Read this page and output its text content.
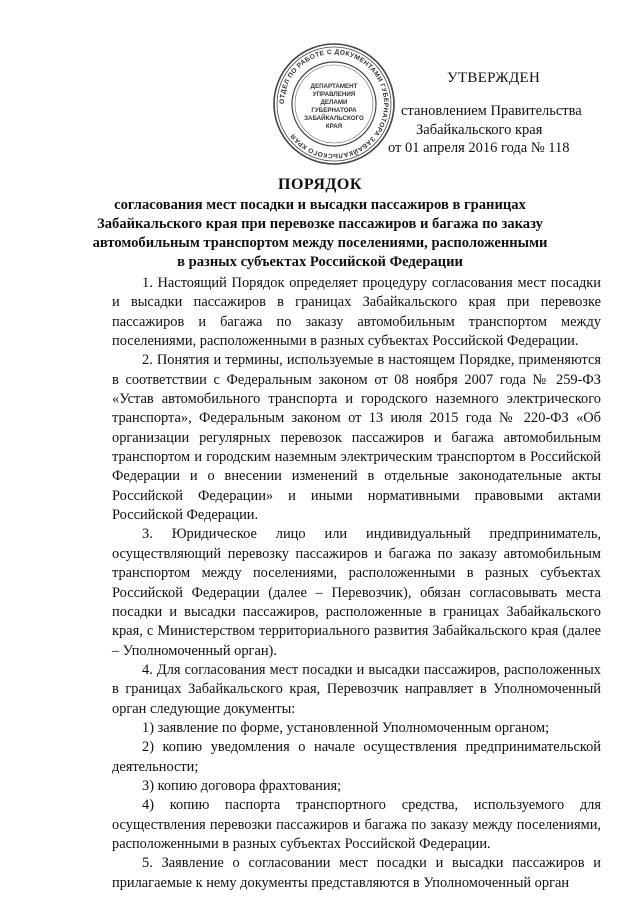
УТВЕРЖДЕН
становлением Правительства
Забайкальского края
от 01 апреля 2016 года № 118
ОТДЕЛ ПО РАБОТЕ С ДОКУМЕНТАМИ ГУБЕРНАТОРА ЗАБАЙКАЛЬСКОГО КРАЯ
ДЕПАРТАМЕНТ
УПРАВЛЕНИЯ
ДЕЛАМИ
ГУБЕРНАТОРА
ЗАБАЙКАЛЬСКОГО
КРАЯ
ПОРЯДОК
согласования мест посадки и высадки пассажиров в границах
Забайкальского края при перевозке пассажиров и багажа по заказу
автомобильным транспортом между поселениями, расположенными
в разных субъектах Российской Федерации

1. Настоящий Порядок определяет процедуру согласования мест посадки и высадки пассажиров в границах Забайкальского края при перевозке пассажиров и багажа по заказу автомобильным транспортом между поселениями, расположенными в разных субъектах Российской Федерации.

2. Понятия и термины, используемые в настоящем Порядке, применяются в соответствии с Федеральным законом от 08 ноября 2007 года № 259-ФЗ «Устав автомобильного транспорта и городского наземного электрического транспорта», Федеральным законом от 13 июля 2015 года № 220-ФЗ «Об организации регулярных перевозок пассажиров и багажа автомобильным транспортом и городским наземным электрическим транспортом в Российской Федерации и о внесении изменений в отдельные законодательные акты Российской Федерации» и иными нормативными правовыми актами Российской Федерации.

3. Юридическое лицо или индивидуальный предприниматель, осуществляющий перевозку пассажиров и багажа по заказу автомобильным транспортом между поселениями, расположенными в разных субъектах Российской Федерации (далее – Перевозчик), обязан согласовывать места посадки и высадки пассажиров, расположенные в границах Забайкальского края, с Министерством территориального развития Забайкальского края (далее – Уполномоченный орган).

4. Для согласования мест посадки и высадки пассажиров, расположенных в границах Забайкальского края, Перевозчик направляет в Уполномоченный орган следующие документы:

1) заявление по форме, установленной Уполномоченным органом;

2) копию уведомления о начале осуществления предпринимательской деятельности;

3) копию договора фрахтования;

4) копию паспорта транспортного средства, используемого для осуществления перевозки пассажиров и багажа по заказу между поселениями, расположенными в разных субъектах Российской Федерации.

5. Заявление о согласовании мест посадки и высадки пассажиров и прилагаемые к нему документы представляются в Уполномоченный орган
